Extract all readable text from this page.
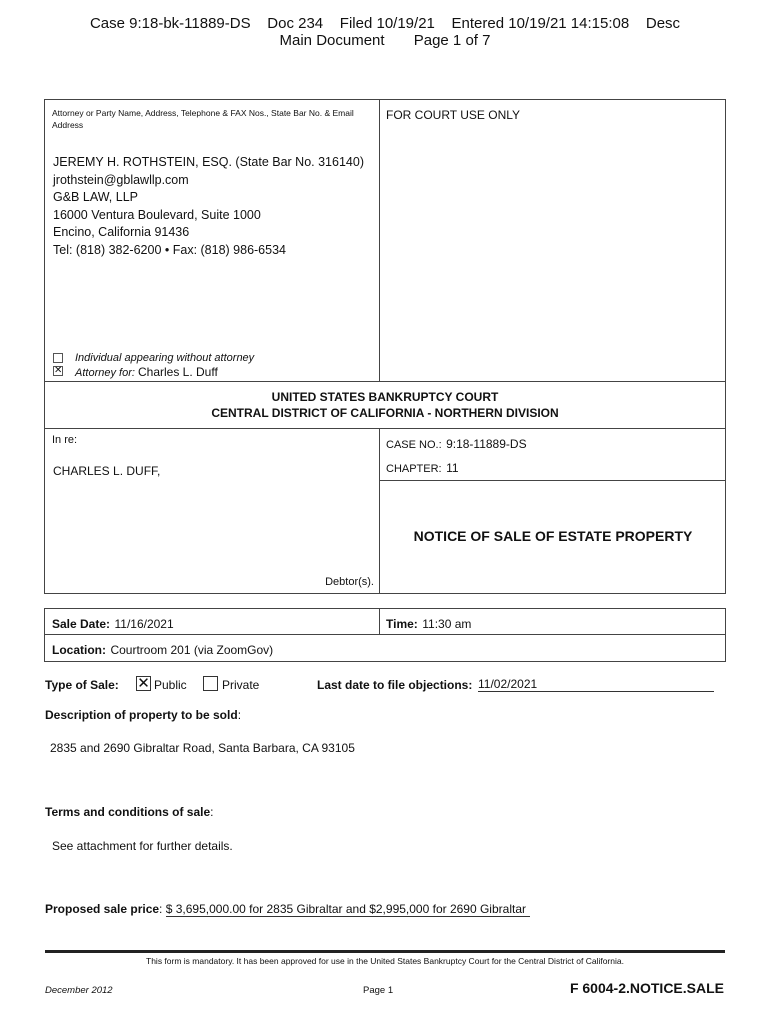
Case 9:18-bk-11889-DS    Doc 234    Filed 10/19/21    Entered 10/19/21 14:15:08    Desc
Main Document       Page 1 of 7
Attorney or Party Name, Address, Telephone & FAX Nos., State Bar No. & Email Address
FOR COURT USE ONLY
JEREMY H. ROTHSTEIN, ESQ. (State Bar No. 316140)
jrothstein@gblawllp.com
G&B LAW, LLP
16000 Ventura Boulevard, Suite 1000
Encino, California 91436
Tel: (818) 382-6200 • Fax: (818) 986-6534
Individual appearing without attorney
✕ Attorney for: Charles L. Duff
UNITED STATES BANKRUPTCY COURT
CENTRAL DISTRICT OF CALIFORNIA - NORTHERN DIVISION
In re:
CHARLES L. DUFF,
Debtor(s).
CASE NO.: 9:18-11889-DS
CHAPTER: 11
NOTICE OF SALE OF ESTATE PROPERTY
Sale Date: 11/16/2021	Time: 11:30 am
Location: Courtroom 201 (via ZoomGov)
Type of Sale: ✕ Public	Private	Last date to file objections: 11/02/2021
Description of property to be sold:
2835 and 2690 Gibraltar Road, Santa Barbara, CA 93105
Terms and conditions of sale:
See attachment for further details.
Proposed sale price: $ 3,695,000.00 for 2835 Gibraltar and $2,995,000 for 2690 Gibraltar
This form is mandatory. It has been approved for use in the United States Bankruptcy Court for the Central District of California.
December 2012	Page 1	F 6004-2.NOTICE.SALE
